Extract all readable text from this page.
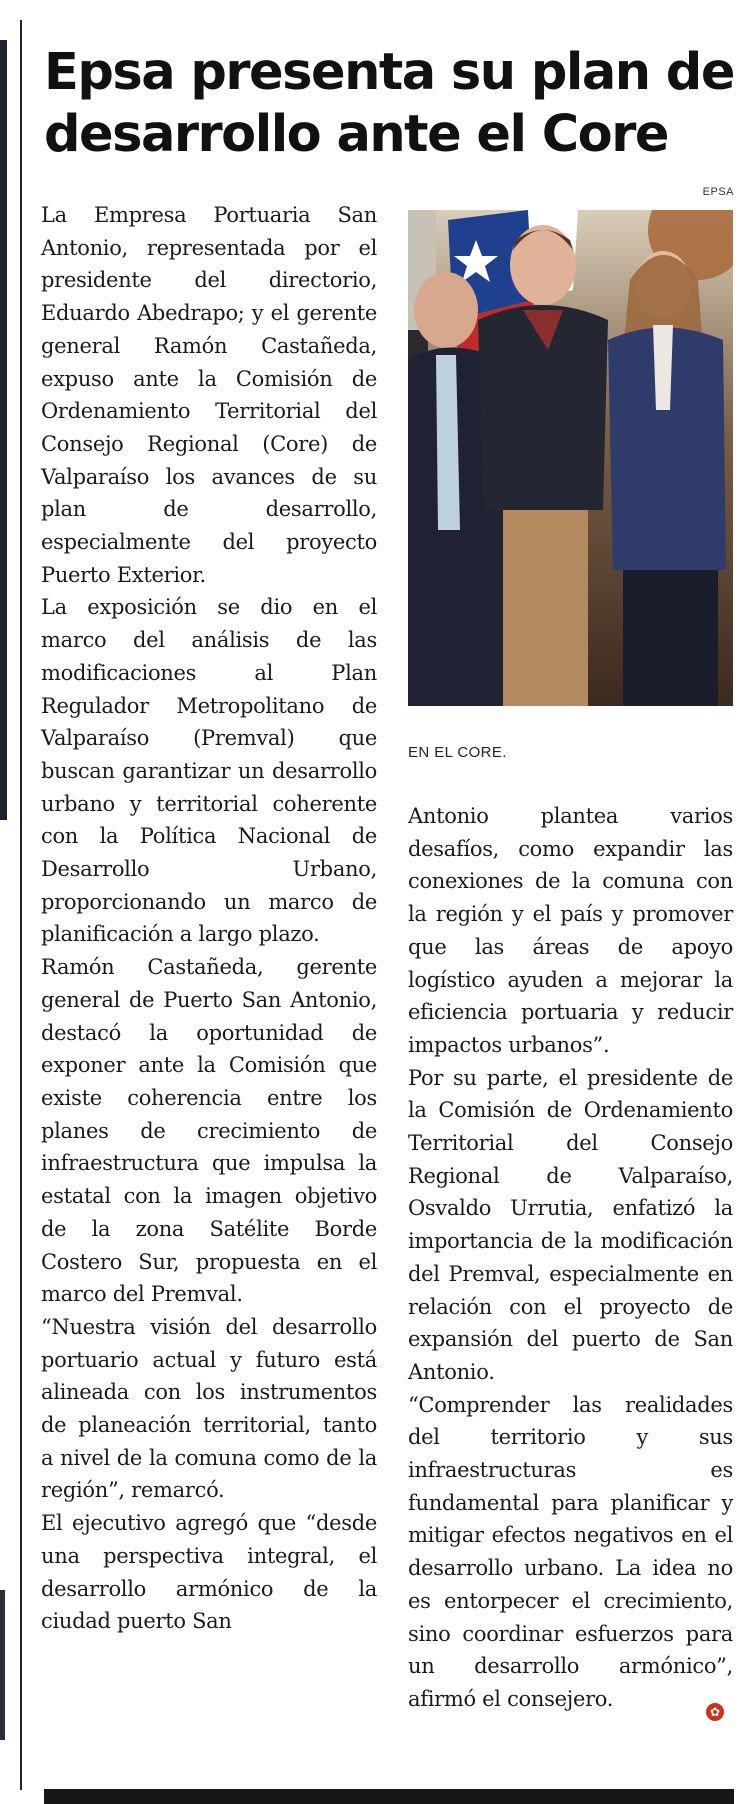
Epsa presenta su plan de desarrollo ante el Core
EPSA

La Empresa Portuaria San Antonio, representada por el presidente del directorio, Eduardo Abedrapo; y el gerente general Ramón Castañeda, expuso ante la Comisión de Ordenamiento Territorial del Consejo Regional (Core) de Valparaíso los avances de su plan de desarrollo, especialmente del proyecto Puerto Exterior.

La exposición se dio en el marco del análisis de las modificaciones al Plan Regulador Metropolitano de Valparaíso (Premval) que buscan garantizar un desarrollo urbano y territorial coherente con la Política Nacional de Desarrollo Urbano, proporcionando un marco de planificación a largo plazo.

Ramón Castañeda, gerente general de Puerto San Antonio, destacó la oportunidad de exponer ante la Comisión que existe coherencia entre los planes de crecimiento de infraestructura que impulsa la estatal con la imagen objetivo de la zona Satélite Borde Costero Sur, propuesta en el marco del Premval.

“Nuestra visión del desarrollo portuario actual y futuro está alineada con los instrumentos de planeación territorial, tanto a nivel de la comuna como de la región”, remarcó.

El ejecutivo agregó que “desde una perspectiva integral, el desarrollo armónico de la ciudad puerto San

EN EL CORE.

Antonio plantea varios desafíos, como expandir las conexiones de la comuna con la región y el país y promover que las áreas de apoyo logístico ayuden a mejorar la eficiencia portuaria y reducir impactos urbanos”.

Por su parte, el presidente de la Comisión de Ordenamiento Territorial del Consejo Regional de Valparaíso, Osvaldo Urrutia, enfatizó la importancia de la modificación del Premval, especialmente en relación con el proyecto de expansión del puerto de San Antonio.

“Comprender las realidades del territorio y sus infraestructuras es fundamental para planificar y mitigar efectos negativos en el desarrollo urbano. La idea no es entorpecer el crecimiento, sino coordinar esfuerzos para un desarrollo armónico”, afirmó el consejero.

✿
